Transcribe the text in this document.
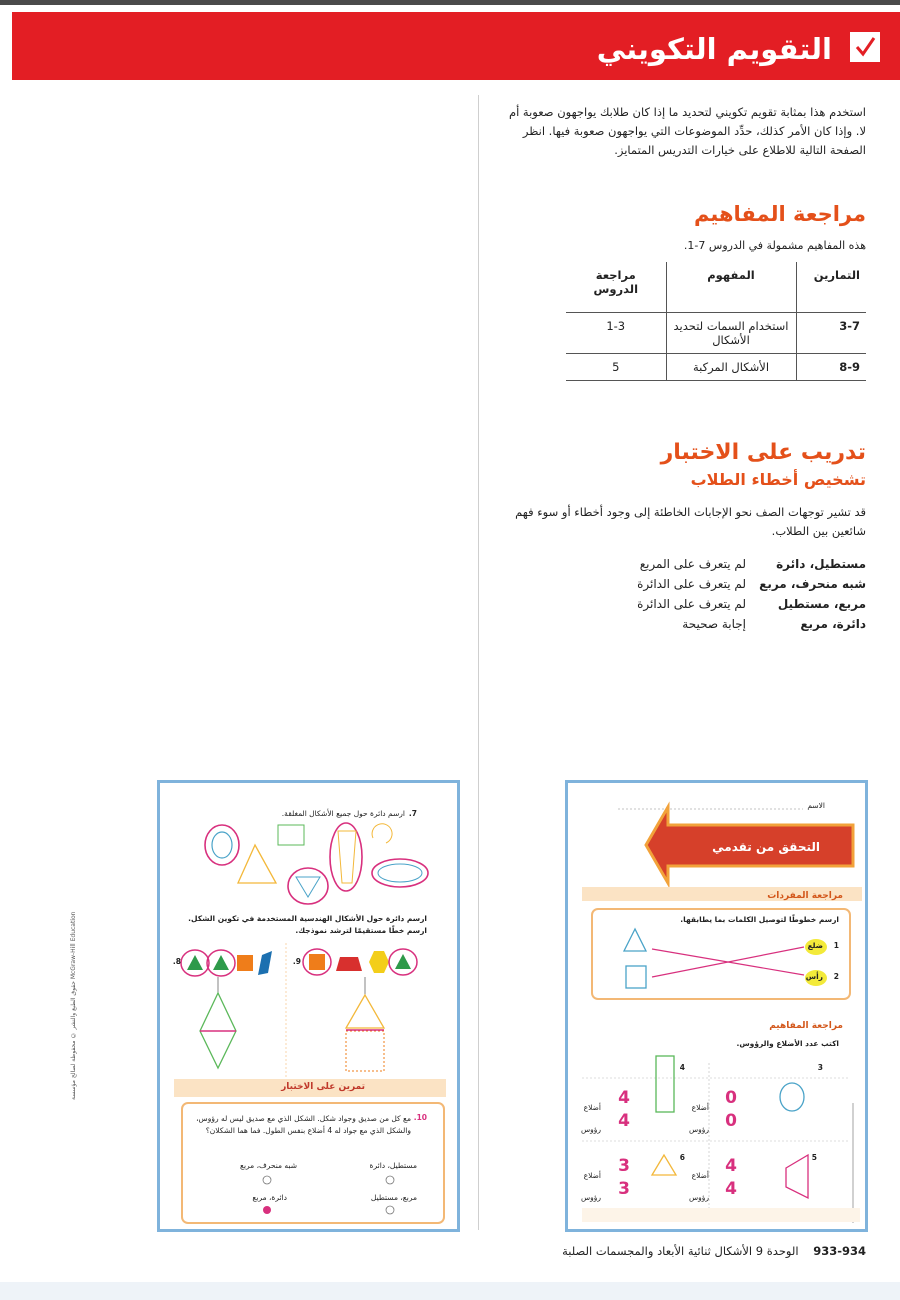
التقويم التكويني
استخدم هذا بمثابة تقويم تكويني لتحديد ما إذا كان طلابك يواجهون صعوبة أم لا. وإذا كان الأمر كذلك، حدِّد الموضوعات التي يواجهون صعوبة فيها. انظر الصفحة التالية للاطلاع على خيارات التدريس المتمايز.
مراجعة المفاهيم
هذه المفاهيم مشمولة في الدروس 7-1.
التمارين	المفهوم	مراجعة الدروس
3-7	استخدام السمات لتحديد الأشكال	1-3
8-9	الأشكال المركبة	5
تدريب على الاختبار
تشخيص أخطاء الطلاب
قد تشير توجهات الصف نحو الإجابات الخاطئة إلى وجود أخطاء أو سوء فهم شائعين بين الطلاب.
مستطيل، دائرة
لم يتعرف على المربع
شبه منحرف، مربع
لم يتعرف على الدائرة
مربع، مستطيل
لم يتعرف على الدائرة
دائرة، مربع
إجابة صحيحة
الاسم
التحقق من تقدمي
مراجعة المفردات
ارسم خطوطًا لتوصيل الكلمات بما يطابقها.
1
ضلع
2
رأس
مراجعة المفاهيم
اكتب عدد الأضلاع والرؤوس.
3
أضلاع 0
رؤوس 0
4
أضلاع 4
رؤوس 4
5
أضلاع 4
رؤوس 4
6
أضلاع 3
رؤوس 3
7.
ارسم دائرة حول جميع الأشكال المغلقة.
ارسم دائرة حول الأشكال الهندسية المستخدمة في تكوين الشكل. ارسم خطًا مستقيمًا لترشد نموذجك.
8.	9.
تمرين على الاختبار
10.
مع كل من صديق وجواد شكل. الشكل الذي مع صديق ليس له رؤوس، والشكل الذي مع جواد له 4 أضلاع بنفس الطول. فما هما الشكلان؟
مستطيل، دائرة
شبه منحرف، مربع
مربع، مستطيل
دائرة، مربع
حقوق الطبع والنشر © محفوظة لصالح مؤسسة McGraw-Hill Education
933-934    الوحدة 9 الأشكال ثنائية الأبعاد والمجسمات الصلبة
